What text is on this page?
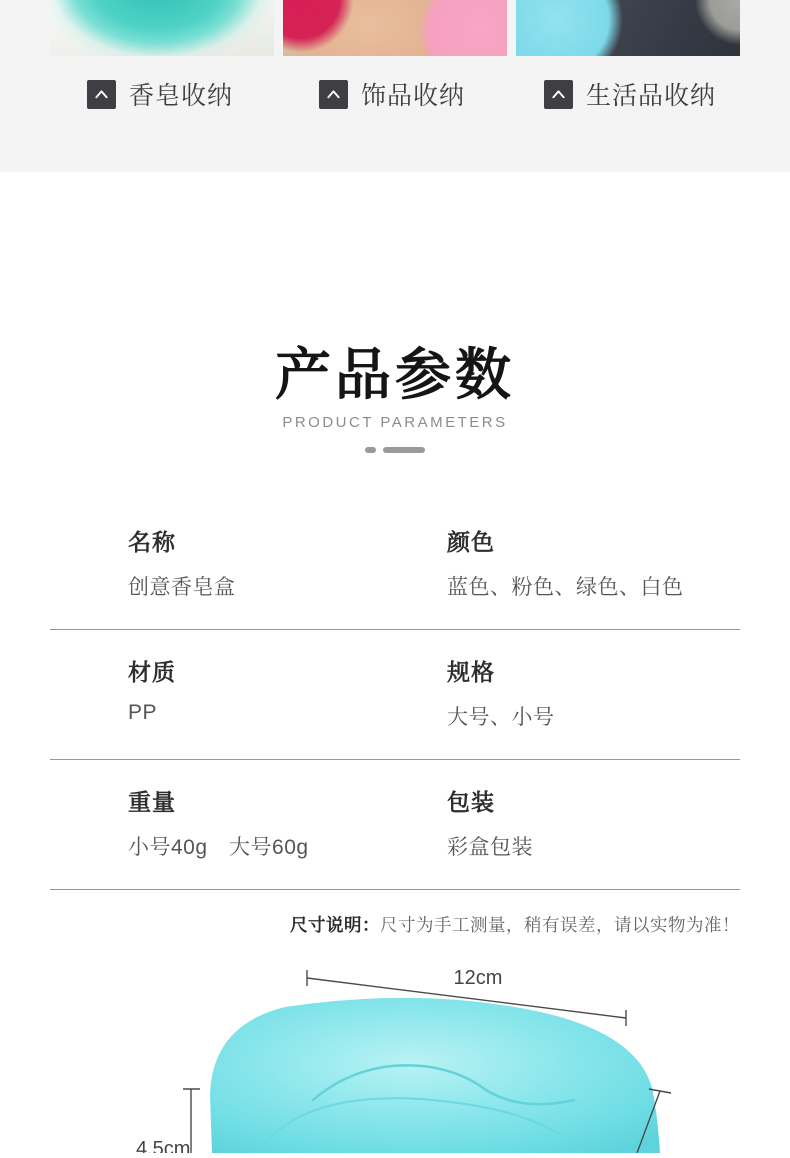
香皂收纳	饰品收纳	生活品收纳
产品参数
PRODUCT PARAMETERS
名称
创意香皂盒
颜色
蓝色、粉色、绿色、白色
材质
PP
规格
大号、小号
重量
小号40g　大号60g
包装
彩盒包装
尺寸说明：尺寸为手工测量，稍有误差，请以实物为准！
12cm
4.5cm
